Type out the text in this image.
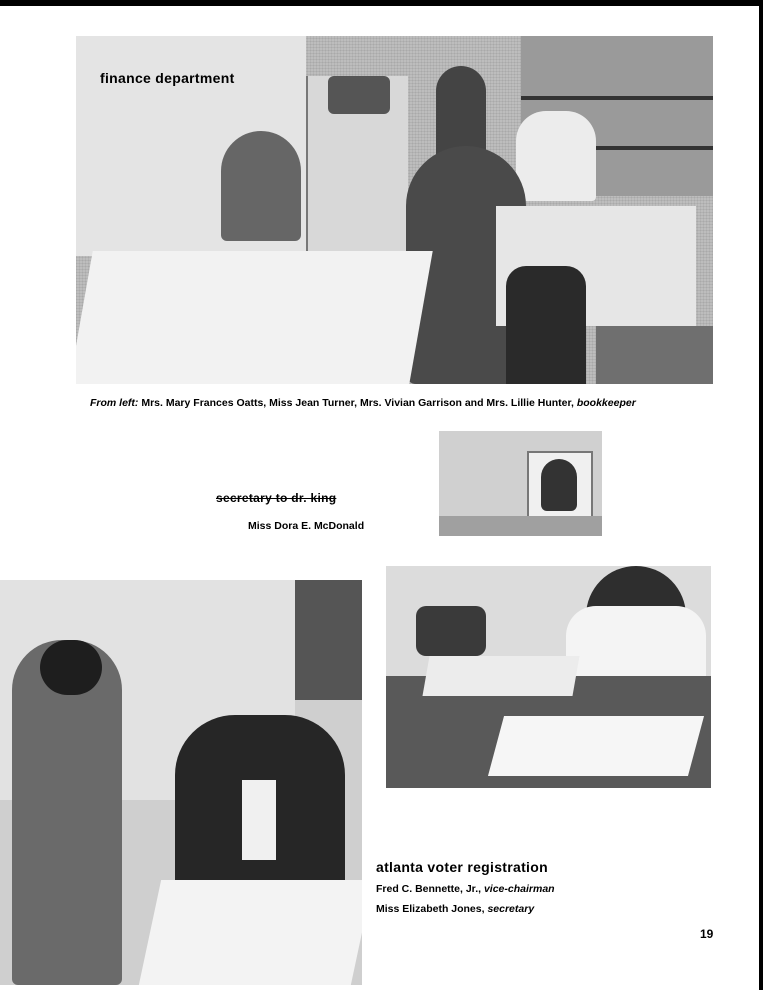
finance department
From left: Mrs. Mary Frances Oatts, Miss Jean Turner, Mrs. Vivian Garrison and Mrs. Lillie Hunter, bookkeeper
secretary to dr. king
Miss Dora E. McDonald
atlanta voter registration
Fred C. Bennette, Jr., vice-chairman
Miss Elizabeth Jones, secretary
19
